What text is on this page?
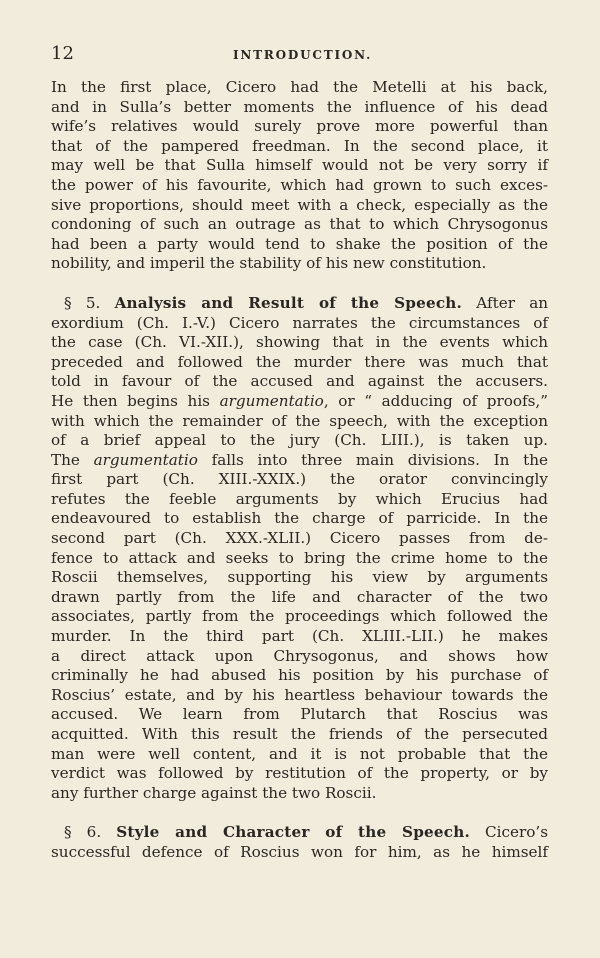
12	INTRODUCTION.
In the first place, Cicero had the Metelli at his back,
and in Sulla’s better moments the influence of his dead
wife’s relatives would surely prove more powerful than
that of the pampered freedman. In the second place, it
may well be that Sulla himself would not be very sorry if
the power of his favourite, which had grown to such exces-
sive proportions, should meet with a check, especially as the
condoning of such an outrage as that to which Chrysogonus
had been a party would tend to shake the position of the
nobility, and imperil the stability of his new constitution.
§ 5. Analysis and Result of the Speech. After an
exordium (Ch. I.-V.) Cicero narrates the circumstances of
the case (Ch. VI.-XII.), showing that in the events which
preceded and followed the murder there was much that
told in favour of the accused and against the accusers.
He then begins his argumentatio, or “ adducing of proofs,”
with which the remainder of the speech, with the exception
of a brief appeal to the jury (Ch. LIII.), is taken up.
The argumentatio falls into three main divisions. In the
first part (Ch. XIII.-XXIX.) the orator convincingly
refutes the feeble arguments by which Erucius had
endeavoured to establish the charge of parricide. In the
second part (Ch. XXX.-XLII.) Cicero passes from de-
fence to attack and seeks to bring the crime home to the
Roscii themselves, supporting his view by arguments
drawn partly from the life and character of the two
associates, partly from the proceedings which followed the
murder. In the third part (Ch. XLIII.-LII.) he makes
a direct attack upon Chrysogonus, and shows how
criminally he had abused his position by his purchase of
Roscius’ estate, and by his heartless behaviour towards the
accused. We learn from Plutarch that Roscius was
acquitted. With this result the friends of the persecuted
man were well content, and it is not probable that the
verdict was followed by restitution of the property, or by
any further charge against the two Roscii.
§ 6. Style and Character of the Speech. Cicero’s
successful defence of Roscius won for him, as he himself
